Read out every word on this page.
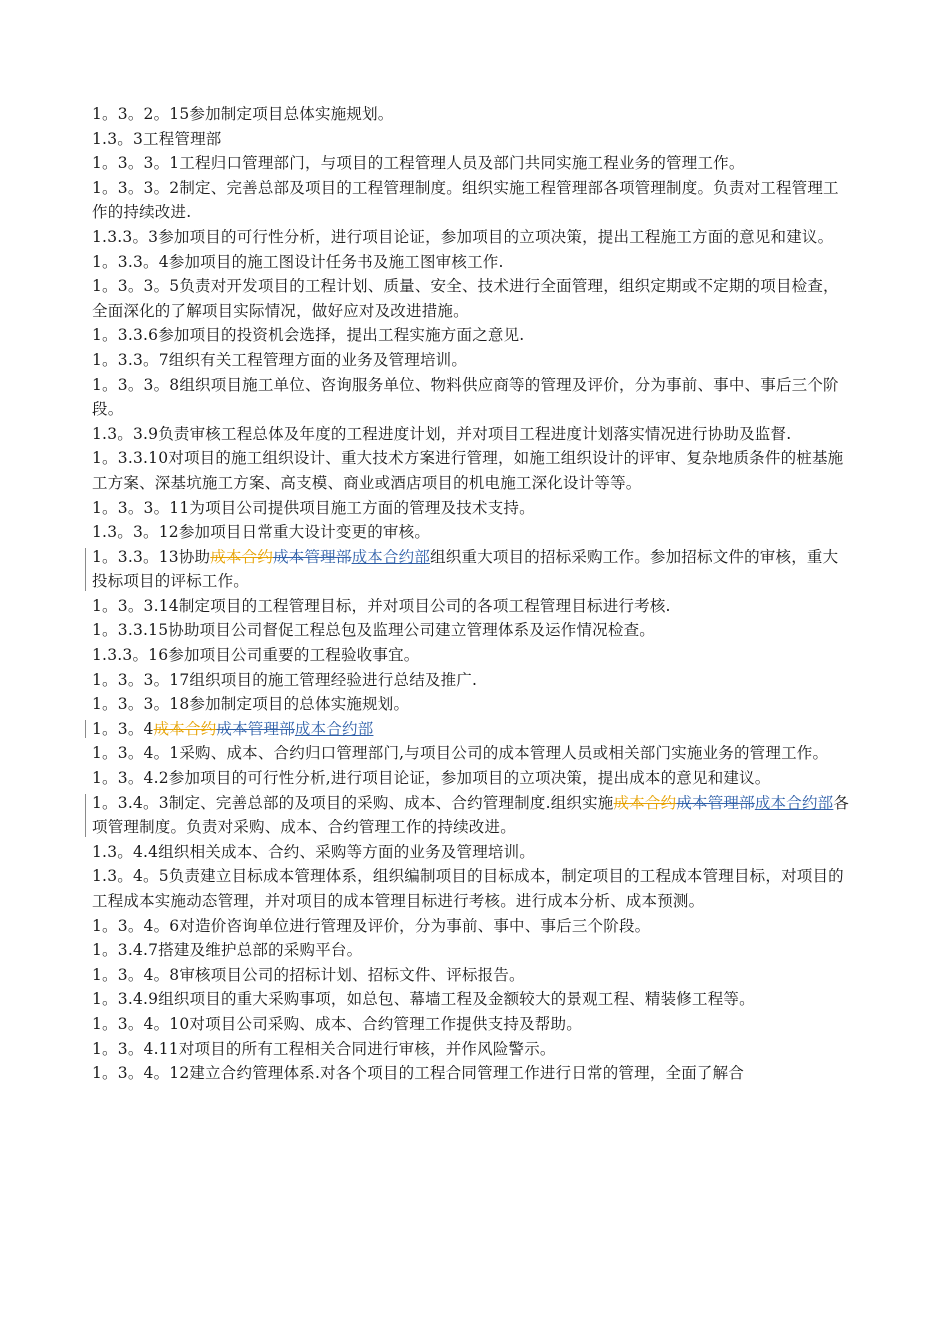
1。3。2。15参加制定项目总体实施规划。

1.3。3工程管理部

1。3。3。1工程归口管理部门，与项目的工程管理人员及部门共同实施工程业务的管理工作。

1。3。3。2制定、完善总部及项目的工程管理制度。组织实施工程管理部各项管理制度。负责对工程管理工作的持续改进.

1.3.3。3参加项目的可行性分析，进行项目论证，参加项目的立项决策，提出工程施工方面的意见和建议。

1。3.3。4参加项目的施工图设计任务书及施工图审核工作.

1。3。3。5负责对开发项目的工程计划、质量、安全、技术进行全面管理，组织定期或不定期的项目检查，全面深化的了解项目实际情况，做好应对及改进措施。

1。3.3.6参加项目的投资机会选择，提出工程实施方面之意见.

1。3.3。7组织有关工程管理方面的业务及管理培训。

1。3。3。8组织项目施工单位、咨询服务单位、物料供应商等的管理及评价，分为事前、事中、事后三个阶段。

1.3。3.9负责审核工程总体及年度的工程进度计划，并对项目工程进度计划落实情况进行协助及监督.

1。3.3.10对项目的施工组织设计、重大技术方案进行管理，如施工组织设计的评审、复杂地质条件的桩基施工方案、深基坑施工方案、高支模、商业或酒店项目的机电施工深化设计等等。

1。3。3。11为项目公司提供项目施工方面的管理及技术支持。

1.3。3。12参加项目日常重大设计变更的审核。

1。3.3。13协助成本合约成本管理部成本合约部组织重大项目的招标采购工作。参加招标文件的审核，重大投标项目的评标工作。

1。3。3.14制定项目的工程管理目标，并对项目公司的各项工程管理目标进行考核.

1。3.3.15协助项目公司督促工程总包及监理公司建立管理体系及运作情况检查。

1.3.3。16参加项目公司重要的工程验收事宜。

1。3。3。17组织项目的施工管理经验进行总结及推广.

1。3。3。18参加制定项目的总体实施规划。

1。3。4成本合约成本管理部成本合约部

1。3。4。1采购、成本、合约归口管理部门,与项目公司的成本管理人员或相关部门实施业务的管理工作。

1。3。4.2参加项目的可行性分析,进行项目论证，参加项目的立项决策，提出成本的意见和建议。

1。3.4。3制定、完善总部的及项目的采购、成本、合约管理制度.组织实施成本合约成本管理部成本合约部各项管理制度。负责对采购、成本、合约管理工作的持续改进。

1.3。4.4组织相关成本、合约、采购等方面的业务及管理培训。

1.3。4。5负责建立目标成本管理体系，组织编制项目的目标成本，制定项目的工程成本管理目标，对项目的工程成本实施动态管理，并对项目的成本管理目标进行考核。进行成本分析、成本预测。

1。3。4。6对造价咨询单位进行管理及评价，分为事前、事中、事后三个阶段。

1。3.4.7搭建及维护总部的采购平台。

1。3。4。8审核项目公司的招标计划、招标文件、评标报告。

1。3.4.9组织项目的重大采购事项，如总包、幕墙工程及金额较大的景观工程、精装修工程等。

1。3。4。10对项目公司采购、成本、合约管理工作提供支持及帮助。

1。3。4.11对项目的所有工程相关合同进行审核，并作风险警示。

1。3。4。12建立合约管理体系.对各个项目的工程合同管理工作进行日常的管理，全面了解合
